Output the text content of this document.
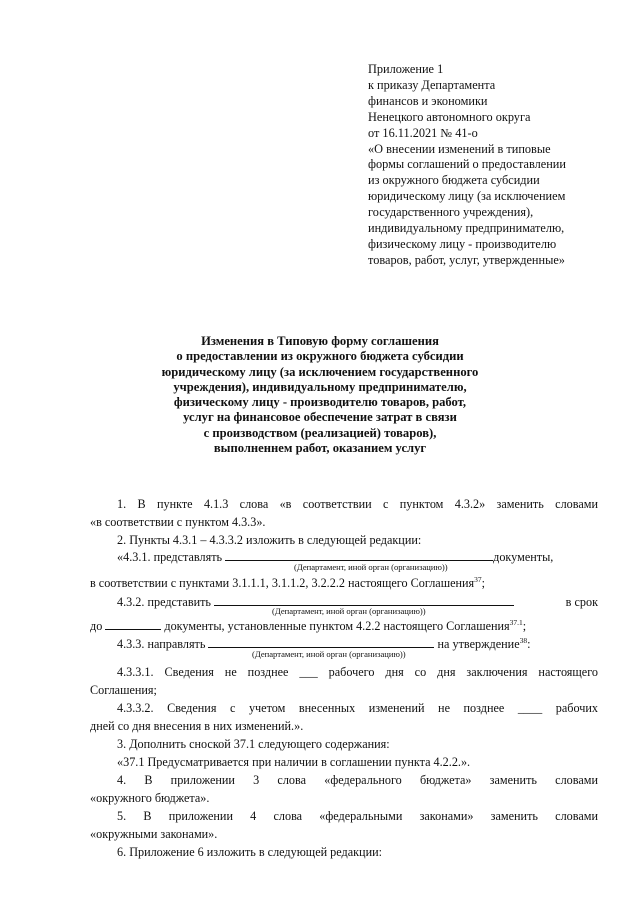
Приложение 1
к приказу Департамента
финансов и экономики
Ненецкого автономного округа
от 16.11.2021 № 41-о
«О внесении изменений в типовые
формы соглашений о предоставлении
из окружного бюджета субсидии
юридическому лицу (за исключением
государственного учреждения),
индивидуальному предпринимателю,
физическому лицу - производителю
товаров, работ, услуг, утвержденные»
Изменения в Типовую форму соглашения
о предоставлении из окружного бюджета субсидии
юридическому лицу (за исключением государственного
учреждения), индивидуальному предпринимателю,
физическому лицу - производителю товаров, работ,
услуг на финансовое обеспечение затрат в связи
с производством (реализацией) товаров),
выполненнем работ, оказанием услуг
1. В пункте 4.1.3 слова «в соответствии с пунктом 4.3.2» заменить словами
«в соответствии с пунктом 4.3.3».
2. Пункты 4.3.1 – 4.3.3.2 изложить в следующей редакции:
«4.3.1. представлять	документы,
(Департамент, иной орган (организацию))
в соответствии с пунктами 3.1.1.1, 3.1.1.2, 3.2.2.2 настоящего Соглашения$^{37}$;
4.3.2. представить	в срок
(Департамент, иной орган (организацию))
до	документы, установленные пунктом 4.2.2 настоящего Соглашения$^{37.1}$;
4.3.3. направлять	на утверждение$^{38}$:
(Департамент, иной орган (организацию))
4.3.3.1. Сведения не позднее ___ рабочего дня со дня заключения настоящего
Соглашения;
4.3.3.2. Сведения с учетом внесенных изменений не позднее ____ рабочих
дней со дня внесения в них изменений.».
3. Дополнить сноской 37.1 следующего содержания:
«37.1 Предусматривается при наличии в соглашении пункта 4.2.2.».
4. В приложении 3 слова «федерального бюджета» заменить словами
«окружного бюджета».
5. В приложении 4 слова «федеральными законами» заменить словами
«окружными законами».
6. Приложение 6 изложить в следующей редакции:
